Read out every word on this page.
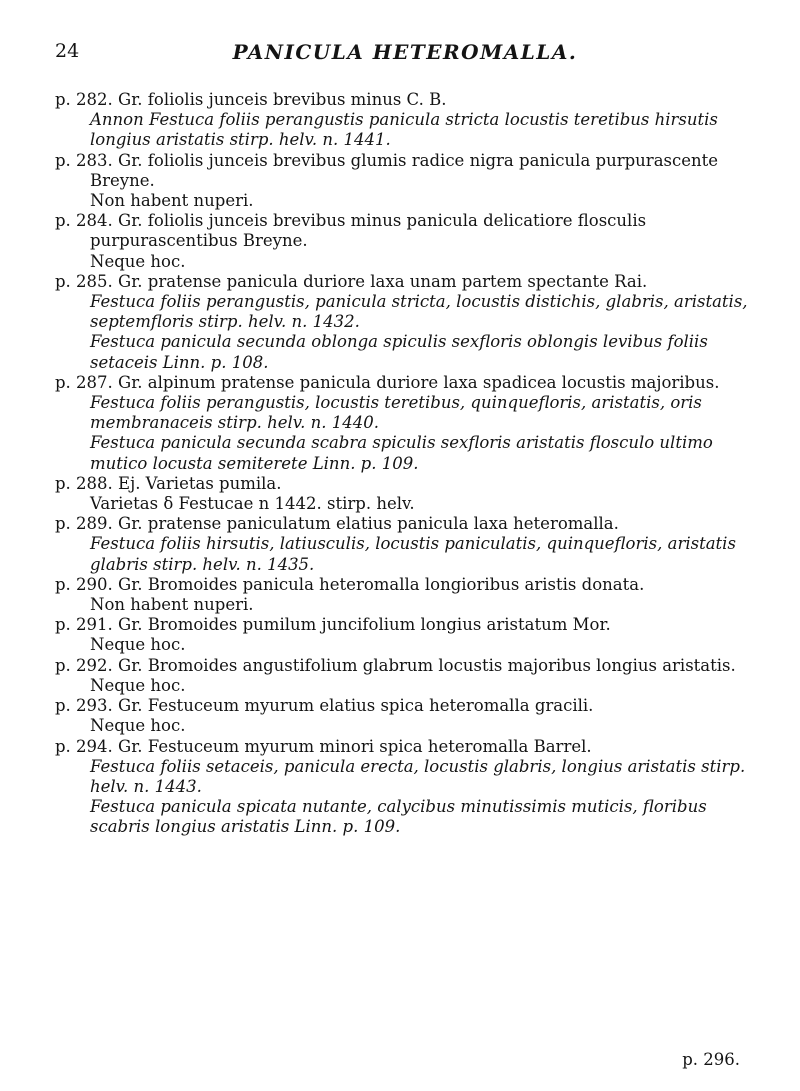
24	PANICULA HETEROMALLA.

p. 282. Gr. foliolis junceis brevibus minus C. B.
Annon Festuca foliis perangustis panicula stricta locustis teretibus hirsutis longius aristatis stirp. helv. n. 1441.

p. 283. Gr. foliolis junceis brevibus glumis radice nigra panicula purpurascente Breyne.
Non habent nuperi.

p. 284. Gr. foliolis junceis brevibus minus panicula delicatiore flosculis purpurascentibus Breyne.
Neque hoc.

p. 285. Gr. pratense panicula duriore laxa unam partem spectante Rai.
Festuca foliis perangustis, panicula stricta, locustis distichis, glabris, aristatis, septemfloris stirp. helv. n. 1432.
Festuca panicula secunda oblonga spiculis sexfloris oblongis levibus foliis setaceis Linn. p. 108.

p. 287. Gr. alpinum pratense panicula duriore laxa spadicea locustis majoribus.
Festuca foliis perangustis, locustis teretibus, quinquefloris, aristatis, oris membranaceis stirp. helv. n. 1440.
Festuca panicula secunda scabra spiculis sexfloris aristatis flosculo ultimo mutico locusta semiterete Linn. p. 109.

p. 288. Ej. Varietas pumila.
Varietas δ Festucae n 1442. stirp. helv.

p. 289. Gr. pratense paniculatum elatius panicula laxa heteromalla.
Festuca foliis hirsutis, latiusculis, locustis paniculatis, quinquefloris, aristatis glabris stirp. helv. n. 1435.

p. 290. Gr. Bromoides panicula heteromalla longioribus aristis donata.
Non habent nuperi.

p. 291. Gr. Bromoides pumilum juncifolium longius aristatum Mor.
Neque hoc.

p. 292. Gr. Bromoides angustifolium glabrum locustis majoribus longius aristatis.
Neque hoc.

p. 293. Gr. Festuceum myurum elatius spica heteromalla gracili.
Neque hoc.

p. 294. Gr. Festuceum myurum minori spica heteromalla Barrel.
Festuca foliis setaceis, panicula erecta, locustis glabris, longius aristatis stirp. helv. n. 1443.
Festuca panicula spicata nutante, calycibus minutissimis muticis, floribus scabris longius aristatis Linn. p. 109.

p. 296.
